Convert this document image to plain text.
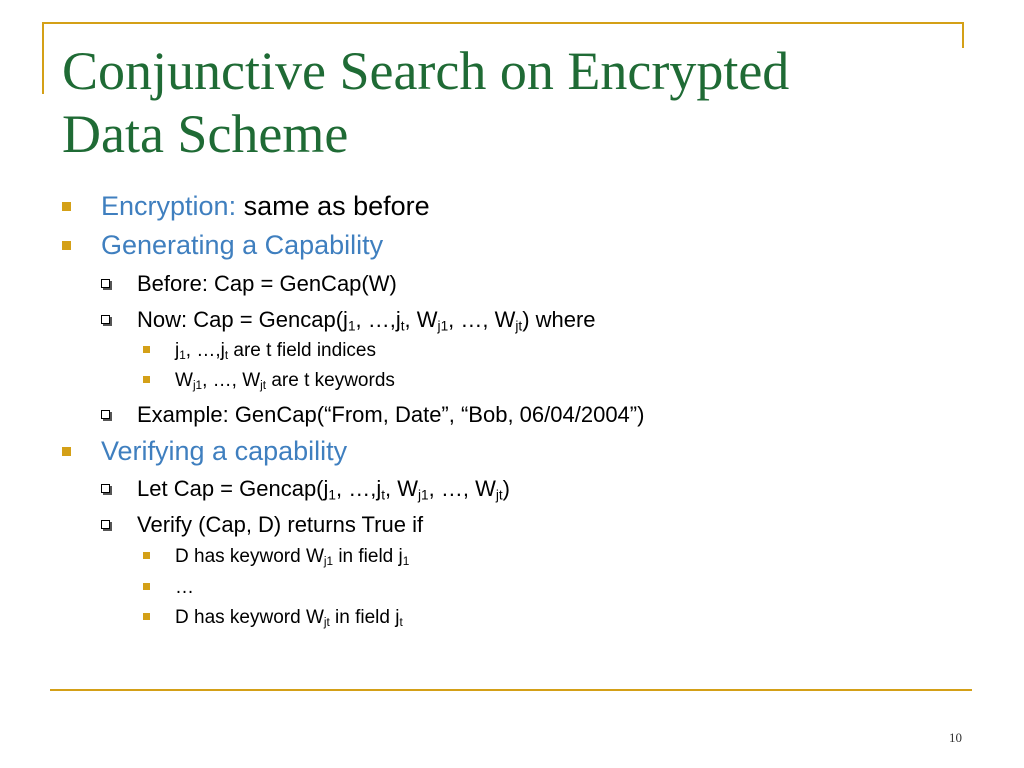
Conjunctive Search on Encrypted
Data Scheme
Encryption:
same as before
Generating a Capability
Before: Cap = GenCap(W)
Now: Cap = $Gencap(j_1$, $\dots,j_t$, $W_{j1}$, …, $W_{jt}$) where
$j_1$, $\dots,j_t$ are t field indices
$W_{j1}$, …, $W_{jt}$ are t keywords
Example: GenCap(“From, Date”, “Bob, 06/04/2004”)
Verifying a capability
Let Cap = $Gencap(j_1$, $\dots,j_t$, $W_{j1}$, …, $W_{jt}$)
Verify (Cap, D) returns True if
D has keyword $W_{j1}$ in field $j_1$
…
D has keyword $W_{jt}$ in field $j_t$
10
